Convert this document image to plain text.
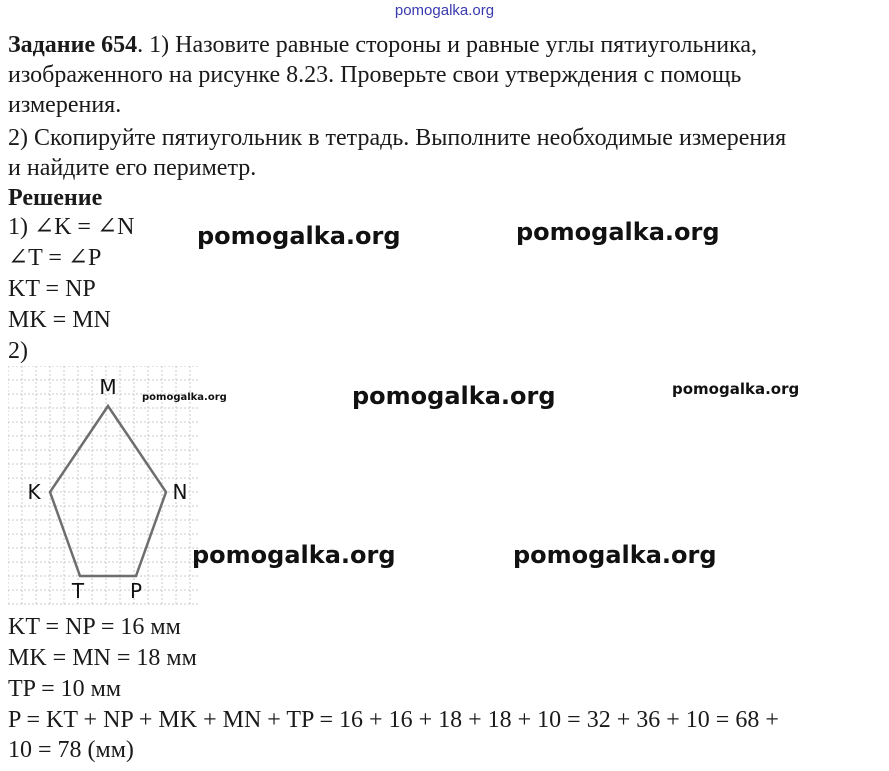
pomogalka.org
Задание 654. 1) Назовите равные стороны и равные углы пятиугольника,
изображенного на рисунке 8.23. Проверьте свои утверждения с помощь
измерения.
2) Скопируйте пятиугольник в тетрадь. Выполните необходимые измерения
и найдите его периметр.
Решение
1) ∠K = ∠N
∠T = ∠P
KT = NP
MK = MN
2)
M
K	N
T P
pomogalka.org
pomogalka.org	pomogalka.org
pomogalka.org	pomogalka.org
pomogalka.org	pomogalka.org
KT = NP = 16 мм
MK = MN = 18 мм
TP = 10 мм
P = KT + NP + MK + MN + TP = 16 + 16 + 18 + 18 + 10 = 32 + 36 + 10 = 68 +
10 = 78 (мм)
